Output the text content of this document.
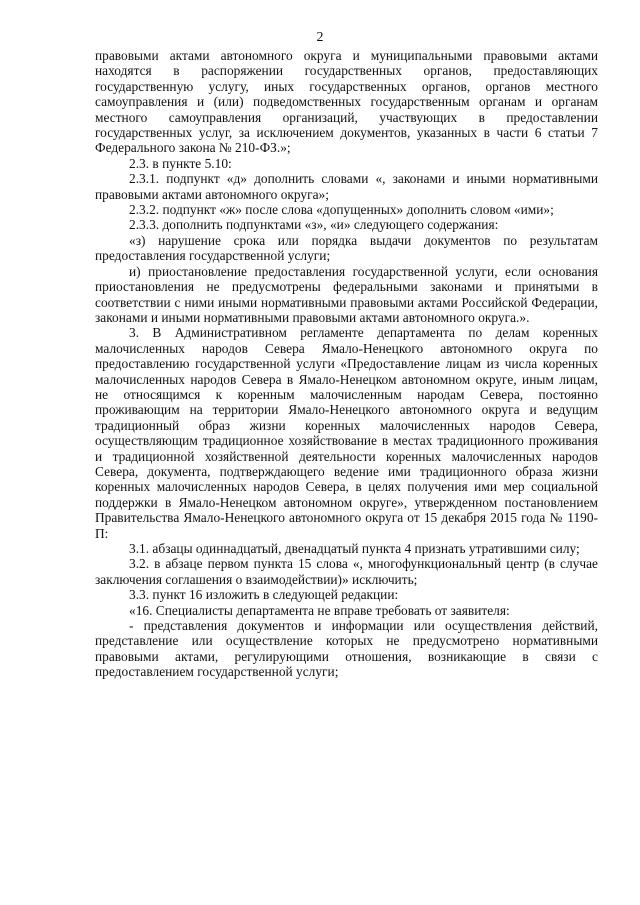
2

правовыми актами автономного округа и муниципальными правовыми актами находятся в распоряжении государственных органов, предоставляющих государственную услугу, иных государственных органов, органов местного самоуправления и (или) подведомственных государственным органам и органам местного самоуправления организаций, участвующих в предоставлении государственных услуг, за исключением документов, указанных в части 6 статьи 7 Федерального закона № 210-ФЗ.»;

2.3. в пункте 5.10:

2.3.1. подпункт «д» дополнить словами «, законами и иными нормативными правовыми актами автономного округа»;

2.3.2. подпункт «ж» после слова «допущенных» дополнить словом «ими»;

2.3.3. дополнить подпунктами «з», «и» следующего содержания:

«з) нарушение срока или порядка выдачи документов по результатам предоставления государственной услуги;

и) приостановление предоставления государственной услуги, если основания приостановления не предусмотрены федеральными законами и принятыми в соответствии с ними иными нормативными правовыми актами Российской Федерации, законами и иными нормативными правовыми актами автономного округа.».

3. В Административном регламенте департамента по делам коренных малочисленных народов Севера Ямало-Ненецкого автономного округа по предоставлению государственной услуги «Предоставление лицам из числа коренных малочисленных народов Севера в Ямало-Ненецком автономном округе, иным лицам, не относящимся к коренным малочисленным народам Севера, постоянно проживающим на территории Ямало-Ненецкого автономного округа и ведущим традиционный образ жизни коренных малочисленных народов Севера, осуществляющим традиционное хозяйствование в местах традиционного проживания и традиционной хозяйственной деятельности коренных малочисленных народов Севера, документа, подтверждающего ведение ими традиционного образа жизни коренных малочисленных народов Севера, в целях получения ими мер социальной поддержки в Ямало-Ненецком автономном округе», утвержденном постановлением Правительства Ямало-Ненецкого автономного округа от 15 декабря 2015 года № 1190-П:

3.1. абзацы одиннадцатый, двенадцатый пункта 4 признать утратившими силу;

3.2. в абзаце первом пункта 15 слова «, многофункциональный центр (в случае заключения соглашения о взаимодействии)» исключить;

3.3. пункт 16 изложить в следующей редакции:

«16. Специалисты департамента не вправе требовать от заявителя:

- представления документов и информации или осуществления действий, представление или осуществление которых не предусмотрено нормативными правовыми актами, регулирующими отношения, возникающие в связи с предоставлением государственной услуги;
